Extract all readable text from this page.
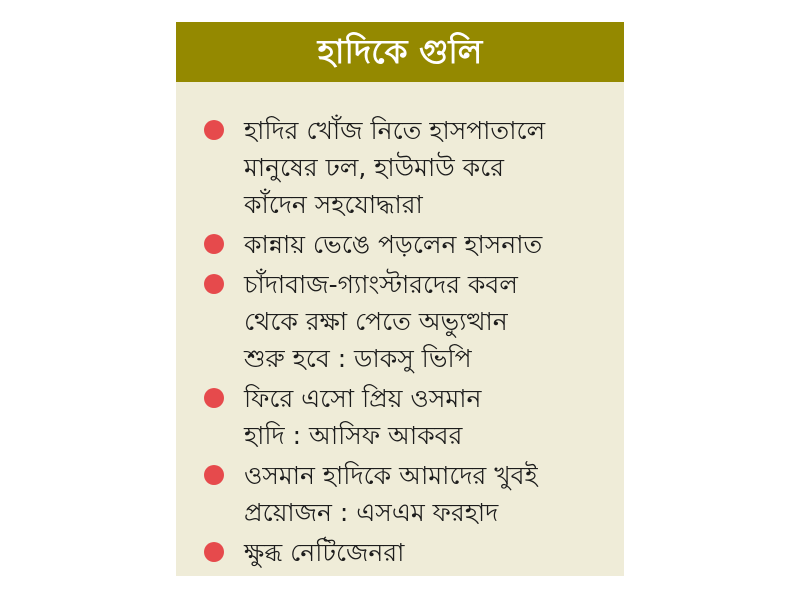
হাদিকে গুলি
হাদির খোঁজ নিতে হাসপাতালে
মানুষের ঢল, হাউমাউ করে
কাঁদেন সহযোদ্ধারা
কান্নায় ভেঙে পড়লেন হাসনাত
চাঁদাবাজ-গ্যাংস্টারদের কবল
থেকে রক্ষা পেতে অভ্যুত্থান
শুরু হবে : ডাকসু ভিপি
ফিরে এসো প্রিয় ওসমান
হাদি : আসিফ আকবর
ওসমান হাদিকে আমাদের খুবই
প্রয়োজন : এসএম ফরহাদ
ক্ষুব্ধ নেটিজেনরা
